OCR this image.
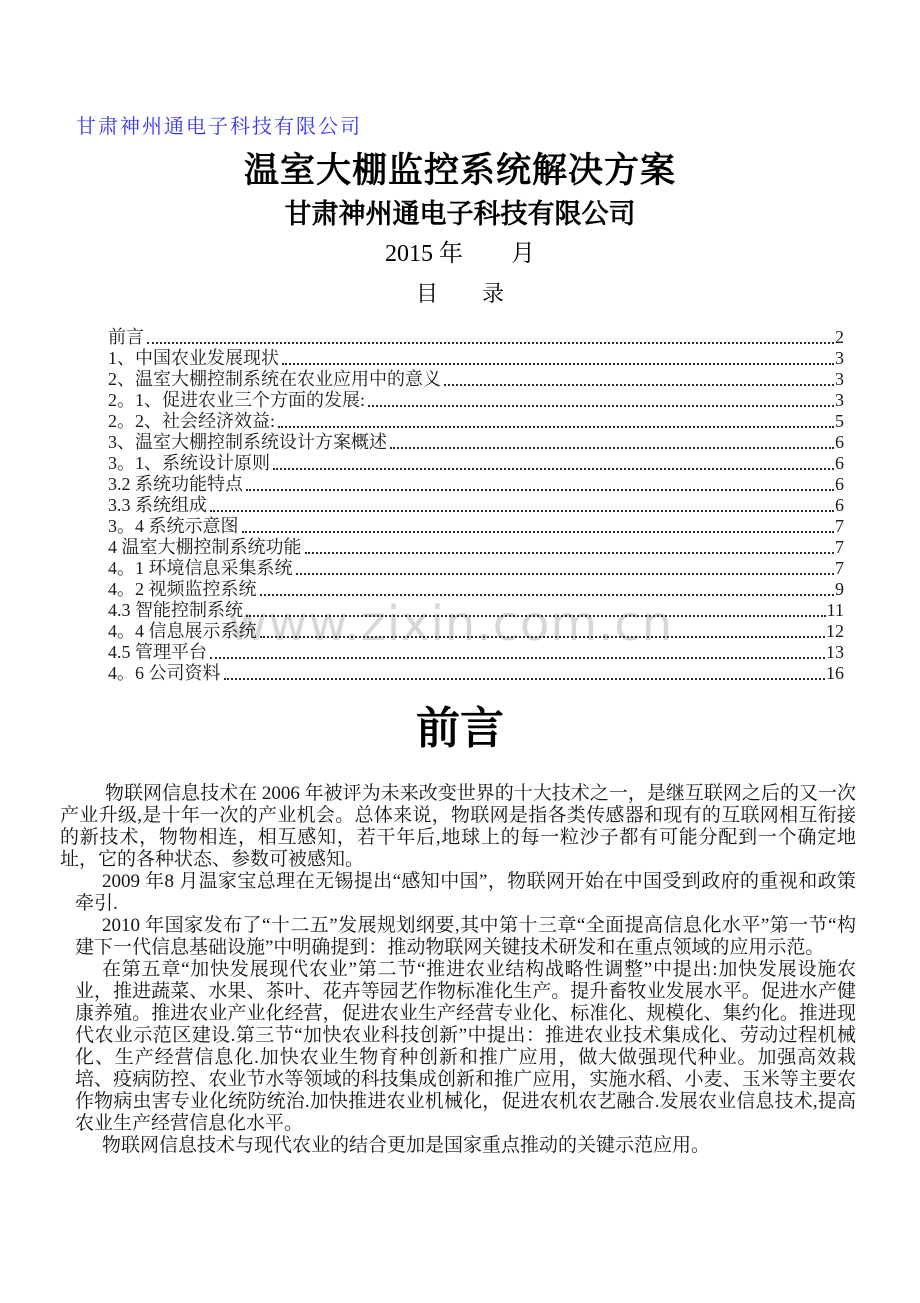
甘肃神州通电子科技有限公司
温室大棚监控系统解决方案
甘肃神州通电子科技有限公司
2015 年　　月
目　　录
www.zixin.com.cn
前言	2
1、中国农业发展现状	3
2、温室大棚控制系统在农业应用中的意义	3
2。1、促进农业三个方面的发展:	3
2。2、社会经济效益:	5
3、温室大棚控制系统设计方案概述	6
3。1、系统设计原则	6
3.2 系统功能特点	6
3.3 系统组成	6
3。4 系统示意图	7
4 温室大棚控制系统功能	7
4。1 环境信息采集系统	7
4。2 视频监控系统	9
4.3 智能控制系统	11
4。4 信息展示系统	12
4.5 管理平台	13
4。6 公司资料	16
前言

物联网信息技术在 2006 年被评为未来改变世界的十大技术之一，是继互联网之后的又一次产业升级,是十年一次的产业机会。总体来说，物联网是指各类传感器和现有的互联网相互衔接的新技术，物物相连，相互感知，若干年后,地球上的每一粒沙子都有可能分配到一个确定地址，它的各种状态、参数可被感知。

2009 年8 月温家宝总理在无锡提出“感知中国”，物联网开始在中国受到政府的重视和政策牵引.

2010 年国家发布了“十二五”发展规划纲要,其中第十三章“全面提高信息化水平”第一节“构建下一代信息基础设施”中明确提到：推动物联网关键技术研发和在重点领域的应用示范。

在第五章“加快发展现代农业”第二节“推进农业结构战略性调整”中提出:加快发展设施农业，推进蔬菜、水果、茶叶、花卉等园艺作物标准化生产。提升畜牧业发展水平。促进水产健康养殖。推进农业产业化经营，促进农业生产经营专业化、标准化、规模化、集约化。推进现代农业示范区建设.第三节“加快农业科技创新”中提出：推进农业技术集成化、劳动过程机械化、生产经营信息化.加快农业生物育种创新和推广应用，做大做强现代种业。加强高效栽培、疫病防控、农业节水等领域的科技集成创新和推广应用，实施水稻、小麦、玉米等主要农作物病虫害专业化统防统治.加快推进农业机械化，促进农机农艺融合.发展农业信息技术,提高农业生产经营信息化水平。

物联网信息技术与现代农业的结合更加是国家重点推动的关键示范应用。
